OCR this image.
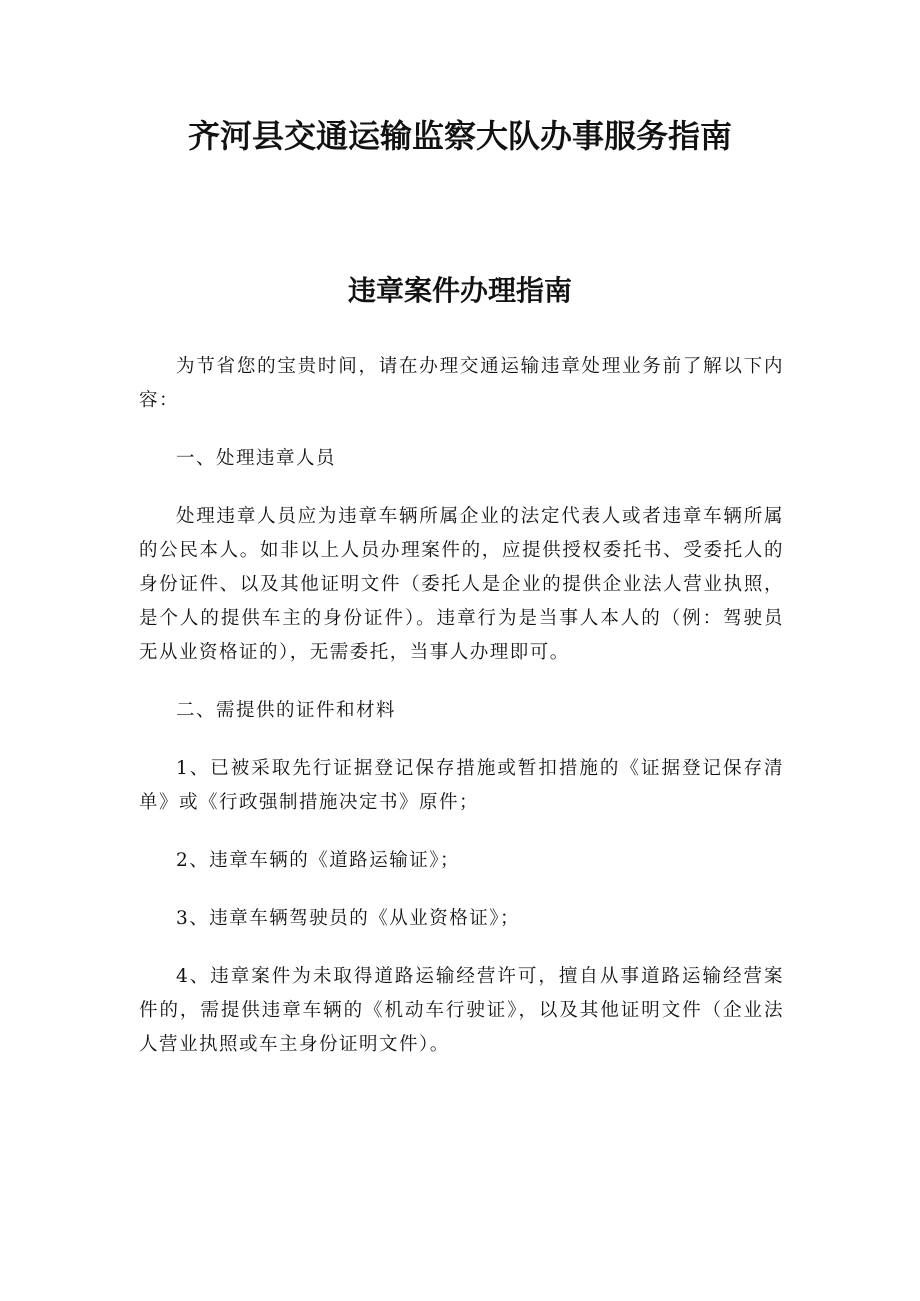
齐河县交通运输监察大队办事服务指南
违章案件办理指南

为节省您的宝贵时间，请在办理交通运输违章处理业务前了解以下内容：

一、处理违章人员

处理违章人员应为违章车辆所属企业的法定代表人或者违章车辆所属的公民本人。如非以上人员办理案件的，应提供授权委托书、受委托人的身份证件、以及其他证明文件（委托人是企业的提供企业法人营业执照，是个人的提供车主的身份证件）。违章行为是当事人本人的（例：驾驶员无从业资格证的），无需委托，当事人办理即可。

二、需提供的证件和材料

1、已被采取先行证据登记保存措施或暂扣措施的《证据登记保存清单》或《行政强制措施决定书》原件；

2、违章车辆的《道路运输证》；

3、违章车辆驾驶员的《从业资格证》；

4、违章案件为未取得道路运输经营许可，擅自从事道路运输经营案件的，需提供违章车辆的《机动车行驶证》，以及其他证明文件（企业法人营业执照或车主身份证明文件）。
